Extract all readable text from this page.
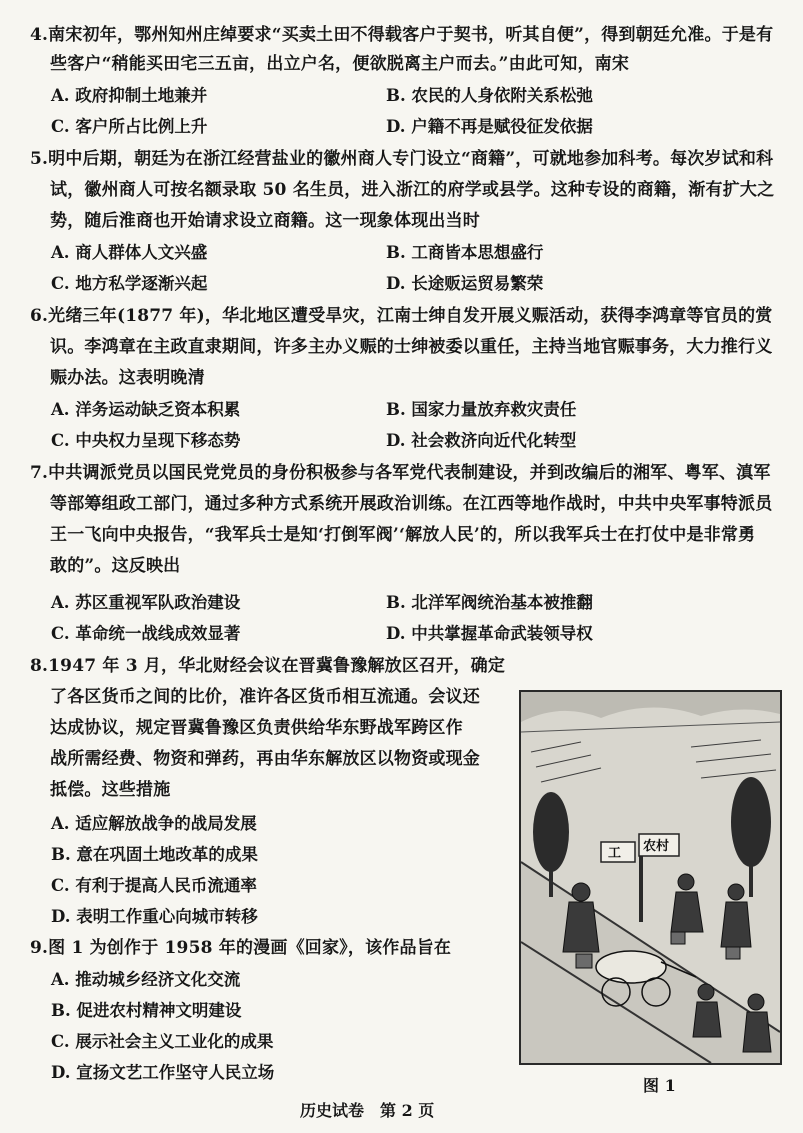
4.南宋初年，鄂州知州庄绰要求“买卖土田不得载客户于契书，听其自便”，得到朝廷允准。于是有
些客户“稍能买田宅三五亩，出立户名，便欲脱离主户而去。”由此可知，南宋
A. 政府抑制土地兼并	B. 农民的人身依附关系松弛
C. 客户所占比例上升	D. 户籍不再是赋役征发依据
5.明中后期，朝廷为在浙江经营盐业的徽州商人专门设立“商籍”，可就地参加科考。每次岁试和科
试，徽州商人可按名额录取 50 名生员，进入浙江的府学或县学。这种专设的商籍，渐有扩大之
势，随后淮商也开始请求设立商籍。这一现象体现出当时
A. 商人群体人文兴盛	B. 工商皆本思想盛行
C. 地方私学逐渐兴起	D. 长途贩运贸易繁荣
6.光绪三年(1877 年)，华北地区遭受旱灾，江南士绅自发开展义赈活动，获得李鸿章等官员的赏
识。李鸿章在主政直隶期间，许多主办义赈的士绅被委以重任，主持当地官赈事务，大力推行义
赈办法。这表明晚清
A. 洋务运动缺乏资本积累	B. 国家力量放弃救灾责任
C. 中央权力呈现下移态势	D. 社会救济向近代化转型
7.中共调派党员以国民党党员的身份积极参与各军党代表制建设，并到改编后的湘军、粤军、滇军
等部筹组政工部门，通过多种方式系统开展政治训练。在江西等地作战时，中共中央军事特派员
王一飞向中央报告，“我军兵士是知‘打倒军阀’‘解放人民’的，所以我军兵士在打仗中是非常勇
敢的”。这反映出
A. 苏区重视军队政治建设	B. 北洋军阀统治基本被推翻
C. 革命统一战线成效显著	D. 中共掌握革命武装领导权
8.1947 年 3 月，华北财经会议在晋冀鲁豫解放区召开，确定
了各区货币之间的比价，准许各区货币相互流通。会议还
达成协议，规定晋冀鲁豫区负责供给华东野战军跨区作
战所需经费、物资和弹药，再由华东解放区以物资或现金
抵偿。这些措施
A. 适应解放战争的战局发展
B. 意在巩固土地改革的成果
C. 有利于提高人民币流通率
D. 表明工作重心向城市转移
9.图 1 为创作于 1958 年的漫画《回家》，该作品旨在
A. 推动城乡经济文化交流
B. 促进农村精神文明建设
C. 展示社会主义工业化的成果
D. 宣扬文艺工作坚守人民立场
工 农村
图 1
历史试卷　第 2 页
